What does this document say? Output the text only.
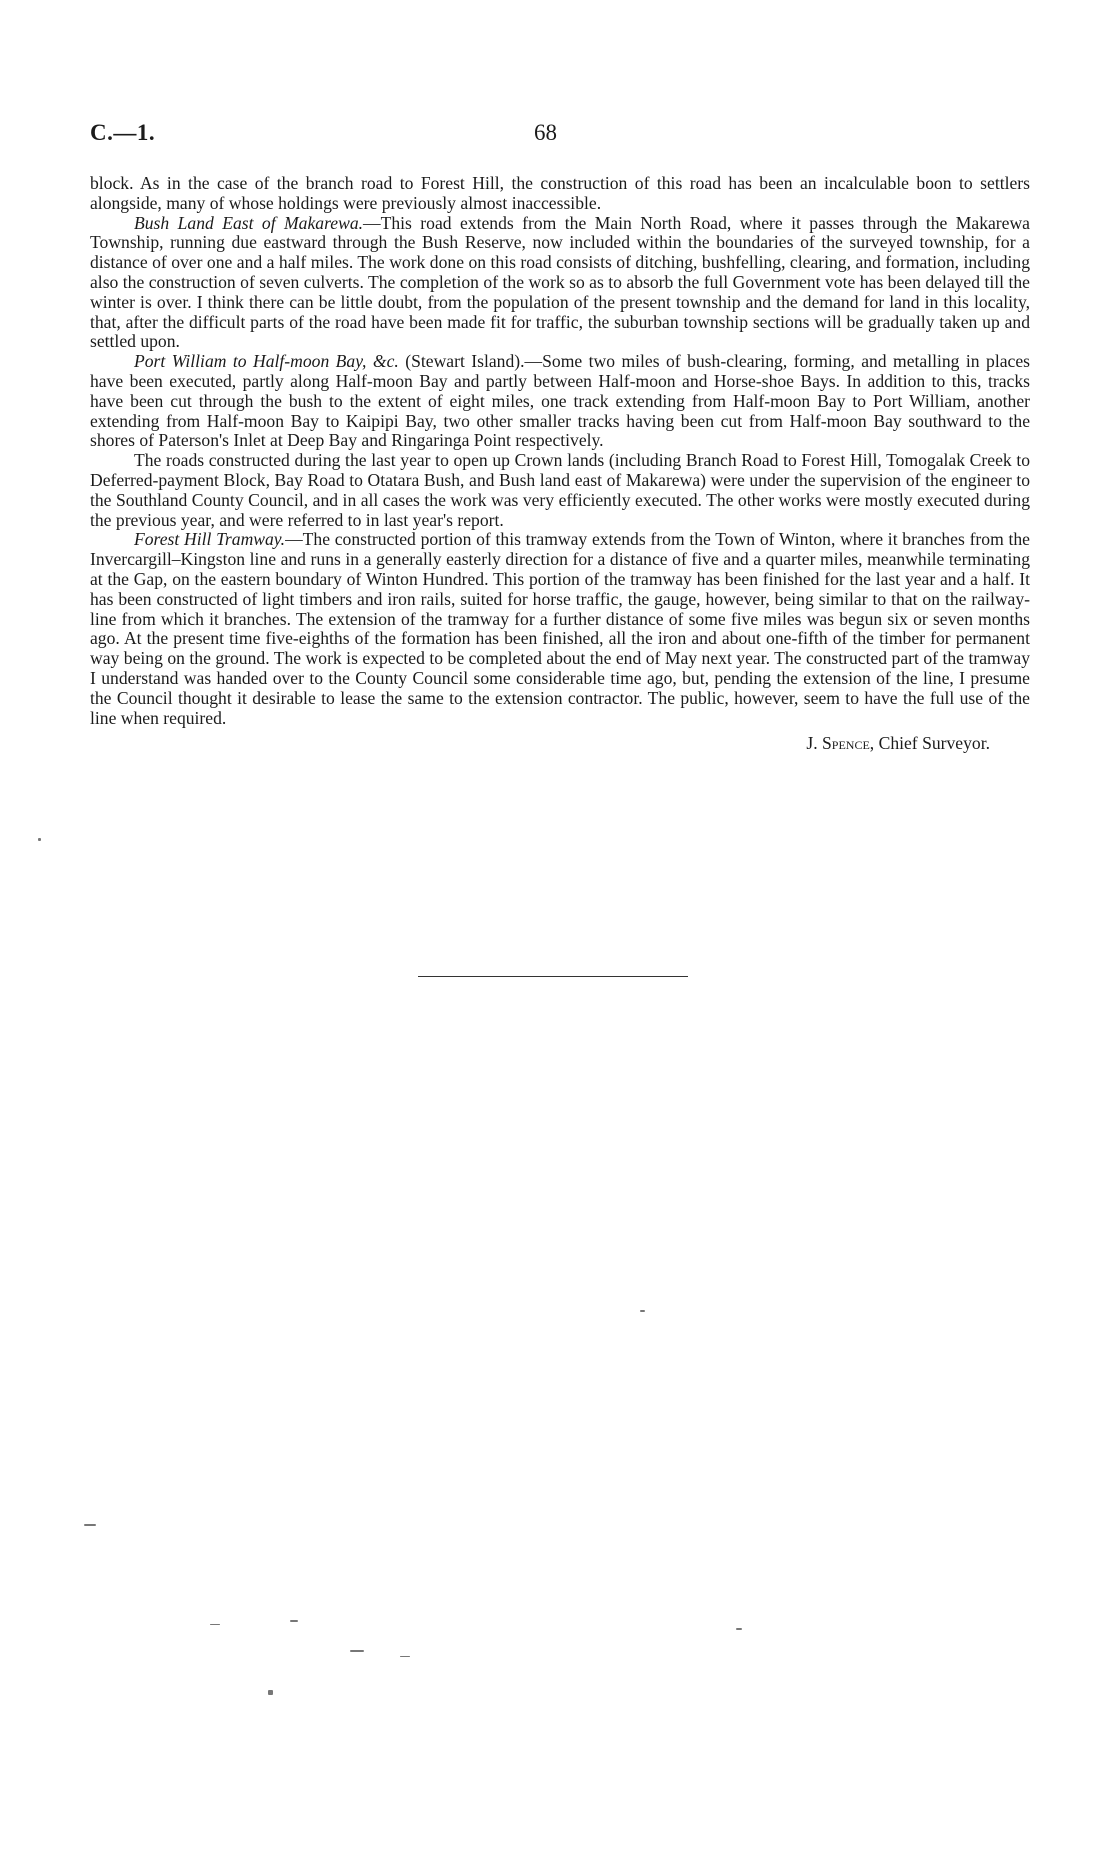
C.—1.	68

block. As in the case of the branch road to Forest Hill, the construction of this road has been an incalculable boon to settlers alongside, many of whose holdings were previously almost inaccessible.

Bush Land East of Makarewa.—This road extends from the Main North Road, where it passes through the Makarewa Township, running due eastward through the Bush Reserve, now included within the boundaries of the surveyed township, for a distance of over one and a half miles. The work done on this road consists of ditching, bushfelling, clearing, and formation, including also the construction of seven culverts. The completion of the work so as to absorb the full Government vote has been delayed till the winter is over. I think there can be little doubt, from the population of the present township and the demand for land in this locality, that, after the difficult parts of the road have been made fit for traffic, the suburban township sections will be gradually taken up and settled upon.

Port William to Half-moon Bay, &c. (Stewart Island).—Some two miles of bush-clearing, forming, and metalling in places have been executed, partly along Half-moon Bay and partly between Half-moon and Horse-shoe Bays. In addition to this, tracks have been cut through the bush to the extent of eight miles, one track extending from Half-moon Bay to Port William, another extending from Half-moon Bay to Kaipipi Bay, two other smaller tracks having been cut from Half-moon Bay southward to the shores of Paterson's Inlet at Deep Bay and Ringaringa Point respectively.

The roads constructed during the last year to open up Crown lands (including Branch Road to Forest Hill, Tomogalak Creek to Deferred-payment Block, Bay Road to Otatara Bush, and Bush land east of Makarewa) were under the supervision of the engineer to the Southland County Council, and in all cases the work was very efficiently executed. The other works were mostly executed during the previous year, and were referred to in last year's report.

Forest Hill Tramway.—The constructed portion of this tramway extends from the Town of Winton, where it branches from the Invercargill–Kingston line and runs in a generally easterly direction for a distance of five and a quarter miles, meanwhile terminating at the Gap, on the eastern boundary of Winton Hundred. This portion of the tramway has been finished for the last year and a half. It has been constructed of light timbers and iron rails, suited for horse traffic, the gauge, however, being similar to that on the railway-line from which it branches. The extension of the tramway for a further distance of some five miles was begun six or seven months ago. At the present time five-eighths of the formation has been finished, all the iron and about one-fifth of the timber for permanent way being on the ground. The work is expected to be completed about the end of May next year. The constructed part of the tramway I understand was handed over to the County Council some considerable time ago, but, pending the extension of the line, I presume the Council thought it desirable to lease the same to the extension contractor. The public, however, seem to have the full use of the line when required.

J. Spence, Chief Surveyor.
